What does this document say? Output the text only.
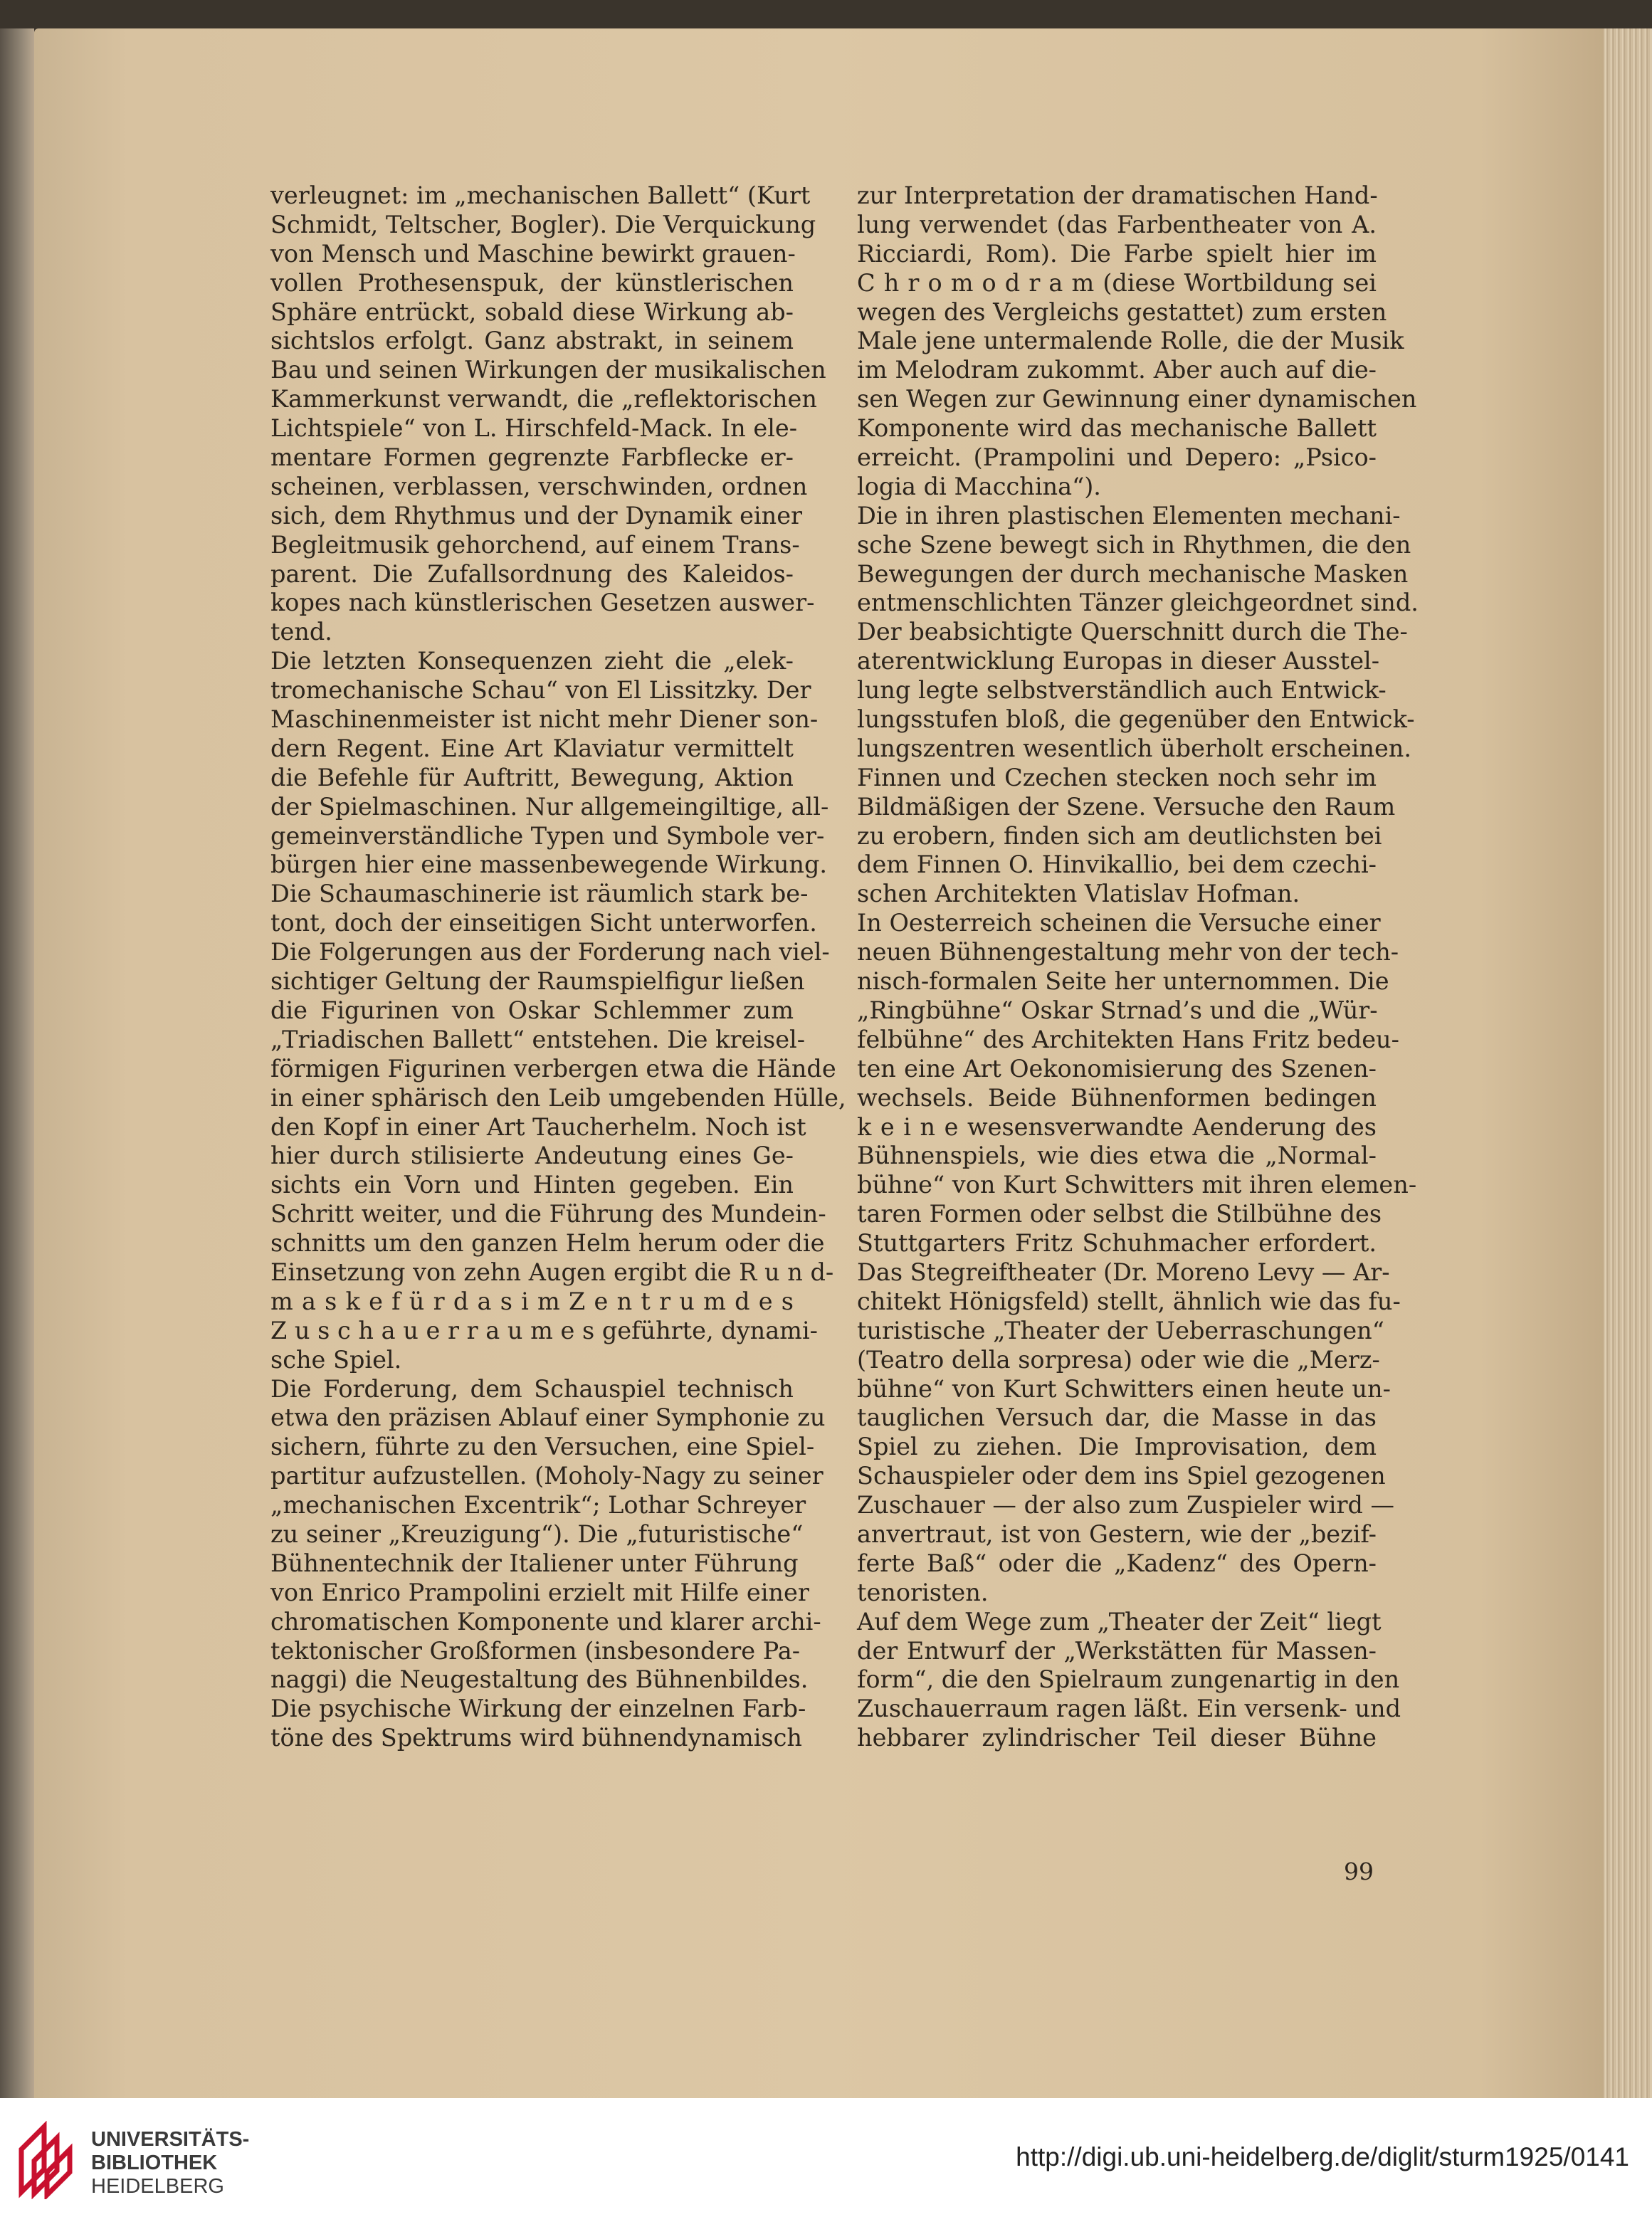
verleugnet: im „mechanischen Ballett“ (Kurt
Schmidt, Teltscher, Bogler). Die Verquickung
von Mensch und Maschine bewirkt grauen-
vollen Prothesenspuk, der künstlerischen
Sphäre entrückt, sobald diese Wirkung ab-
sichtslos erfolgt. Ganz abstrakt, in seinem
Bau und seinen Wirkungen der musikalischen
Kammerkunst verwandt, die „reflektorischen
Lichtspiele“ von L. Hirschfeld-Mack. In ele-
mentare Formen gegrenzte Farbflecke er-
scheinen, verblassen, verschwinden, ordnen
sich, dem Rhythmus und der Dynamik einer
Begleitmusik gehorchend, auf einem Trans-
parent. Die Zufallsordnung des Kaleidos-
kopes nach künstlerischen Gesetzen auswer-
tend.
Die letzten Konsequenzen zieht die „elek-
tromechanische Schau“ von El Lissitzky. Der
Maschinenmeister ist nicht mehr Diener son-
dern Regent. Eine Art Klaviatur vermittelt
die Befehle für Auftritt, Bewegung, Aktion
der Spielmaschinen. Nur allgemeingiltige, all-
gemeinverständliche Typen und Symbole ver-
bürgen hier eine massenbewegende Wirkung.
Die Schaumaschinerie ist räumlich stark be-
tont, doch der einseitigen Sicht unterworfen.
Die Folgerungen aus der Forderung nach viel-
sichtiger Geltung der Raumspielfigur ließen
die Figurinen von Oskar Schlemmer zum
„Triadischen Ballett“ entstehen. Die kreisel-
förmigen Figurinen verbergen etwa die Hände
in einer sphärisch den Leib umgebenden Hülle,
den Kopf in einer Art Taucherhelm. Noch ist
hier durch stilisierte Andeutung eines Ge-
sichts ein Vorn und Hinten gegeben. Ein
Schritt weiter, und die Führung des Mundein-
schnitts um den ganzen Helm herum oder die
Einsetzung von zehn Augen ergibt die R u n d-
m a s k e f ü r d a s i m Z e n t r u m d e s
Z u s c h a u e r r a u m e s geführte, dynami-
sche Spiel.
Die Forderung, dem Schauspiel technisch
etwa den präzisen Ablauf einer Symphonie zu
sichern, führte zu den Versuchen, eine Spiel-
partitur aufzustellen. (Moholy-Nagy zu seiner
„mechanischen Excentrik“; Lothar Schreyer
zu seiner „Kreuzigung“). Die „futuristische“
Bühnentechnik der Italiener unter Führung
von Enrico Prampolini erzielt mit Hilfe einer
chromatischen Komponente und klarer archi-
tektonischer Großformen (insbesondere Pa-
naggi) die Neugestaltung des Bühnenbildes.
Die psychische Wirkung der einzelnen Farb-
töne des Spektrums wird bühnendynamisch
zur Interpretation der dramatischen Hand-
lung verwendet (das Farbentheater von A.
Ricciardi, Rom). Die Farbe spielt hier im
C h r o m o d r a m (diese Wortbildung sei
wegen des Vergleichs gestattet) zum ersten
Male jene untermalende Rolle, die der Musik
im Melodram zukommt. Aber auch auf die-
sen Wegen zur Gewinnung einer dynamischen
Komponente wird das mechanische Ballett
erreicht. (Prampolini und Depero: „Psico-
logia di Macchina“).
Die in ihren plastischen Elementen mechani-
sche Szene bewegt sich in Rhythmen, die den
Bewegungen der durch mechanische Masken
entmenschlichten Tänzer gleichgeordnet sind.
Der beabsichtigte Querschnitt durch die The-
aterentwicklung Europas in dieser Ausstel-
lung legte selbstverständlich auch Entwick-
lungsstufen bloß, die gegenüber den Entwick-
lungszentren wesentlich überholt erscheinen.
Finnen und Czechen stecken noch sehr im
Bildmäßigen der Szene. Versuche den Raum
zu erobern, finden sich am deutlichsten bei
dem Finnen O. Hinvikallio, bei dem czechi-
schen Architekten Vlatislav Hofman.
In Oesterreich scheinen die Versuche einer
neuen Bühnengestaltung mehr von der tech-
nisch-formalen Seite her unternommen. Die
„Ringbühne“ Oskar Strnad’s und die „Wür-
felbühne“ des Architekten Hans Fritz bedeu-
ten eine Art Oekonomisierung des Szenen-
wechsels. Beide Bühnenformen bedingen
k e i n e wesensverwandte Aenderung des
Bühnenspiels, wie dies etwa die „Normal-
bühne“ von Kurt Schwitters mit ihren elemen-
taren Formen oder selbst die Stilbühne des
Stuttgarters Fritz Schuhmacher erfordert.
Das Stegreiftheater (Dr. Moreno Levy — Ar-
chitekt Hönigsfeld) stellt, ähnlich wie das fu-
turistische „Theater der Ueberraschungen“
(Teatro della sorpresa) oder wie die „Merz-
bühne“ von Kurt Schwitters einen heute un-
tauglichen Versuch dar, die Masse in das
Spiel zu ziehen. Die Improvisation, dem
Schauspieler oder dem ins Spiel gezogenen
Zuschauer — der also zum Zuspieler wird —
anvertraut, ist von Gestern, wie der „bezif-
ferte Baß“ oder die „Kadenz“ des Opern-
tenoristen.
Auf dem Wege zum „Theater der Zeit“ liegt
der Entwurf der „Werkstätten für Massen-
form“, die den Spielraum zungenartig in den
Zuschauerraum ragen läßt. Ein versenk- und
hebbarer zylindrischer Teil dieser Bühne
99
UNIVERSITÄTS-
BIBLIOTHEK
HEIDELBERG
http://digi.ub.uni-heidelberg.de/diglit/sturm1925/0141
